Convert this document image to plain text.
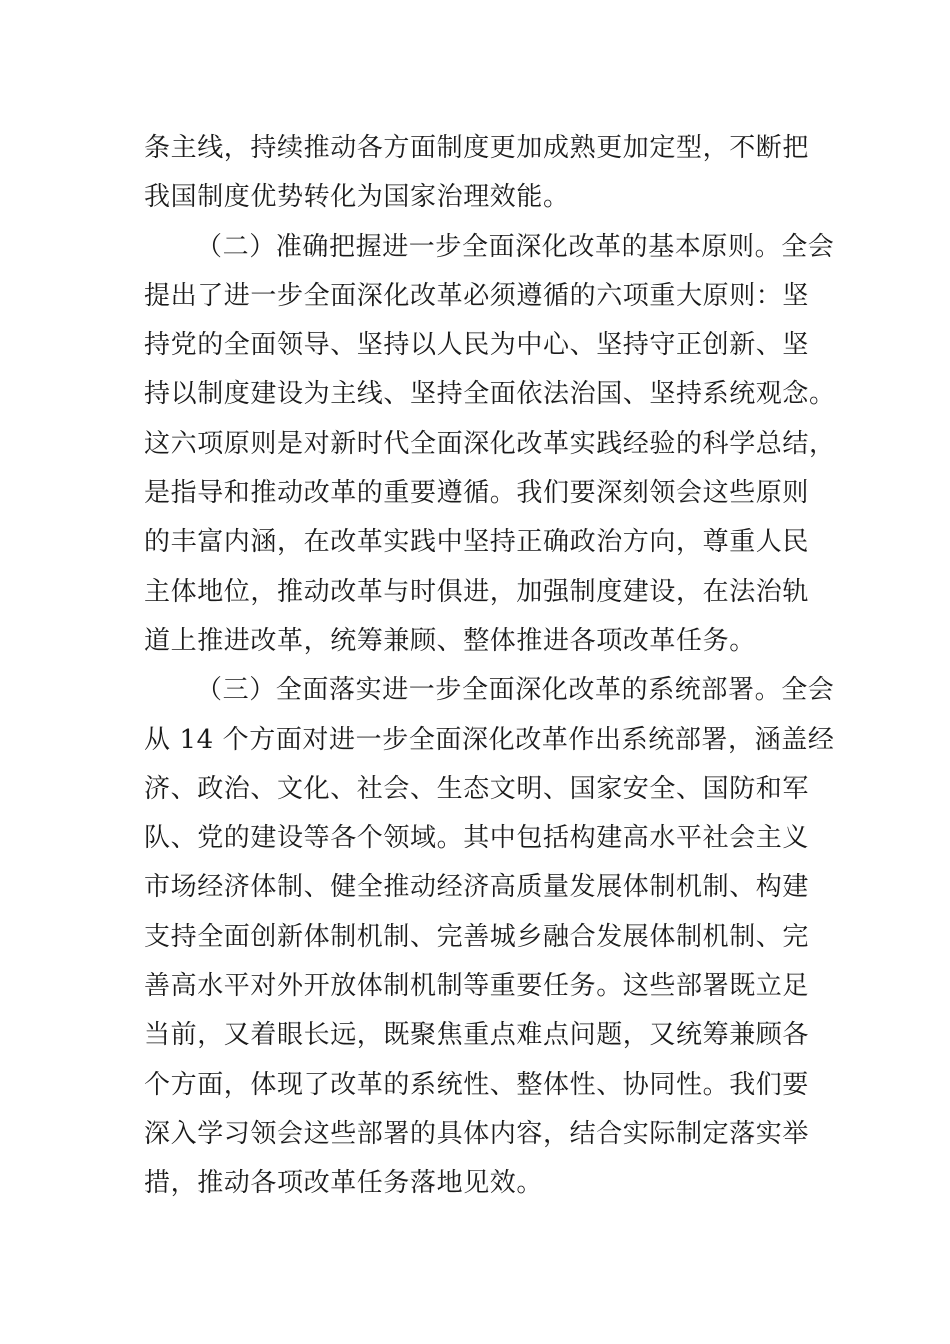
条主线，持续推动各方面制度更加成熟更加定型，不断把
我国制度优势转化为国家治理效能。

（二）准确把握进一步全面深化改革的基本原则。全会
提出了进一步全面深化改革必须遵循的六项重大原则：坚
持党的全面领导、坚持以人民为中心、坚持守正创新、坚
持以制度建设为主线、坚持全面依法治国、坚持系统观念。
这六项原则是对新时代全面深化改革实践经验的科学总结，
是指导和推动改革的重要遵循。我们要深刻领会这些原则
的丰富内涵，在改革实践中坚持正确政治方向，尊重人民
主体地位，推动改革与时俱进，加强制度建设，在法治轨
道上推进改革，统筹兼顾、整体推进各项改革任务。

（三）全面落实进一步全面深化改革的系统部署。全会
从 14 个方面对进一步全面深化改革作出系统部署，涵盖经
济、政治、文化、社会、生态文明、国家安全、国防和军
队、党的建设等各个领域。其中包括构建高水平社会主义
市场经济体制、健全推动经济高质量发展体制机制、构建
支持全面创新体制机制、完善城乡融合发展体制机制、完
善高水平对外开放体制机制等重要任务。这些部署既立足
当前，又着眼长远，既聚焦重点难点问题，又统筹兼顾各
个方面，体现了改革的系统性、整体性、协同性。我们要
深入学习领会这些部署的具体内容，结合实际制定落实举
措，推动各项改革任务落地见效。
